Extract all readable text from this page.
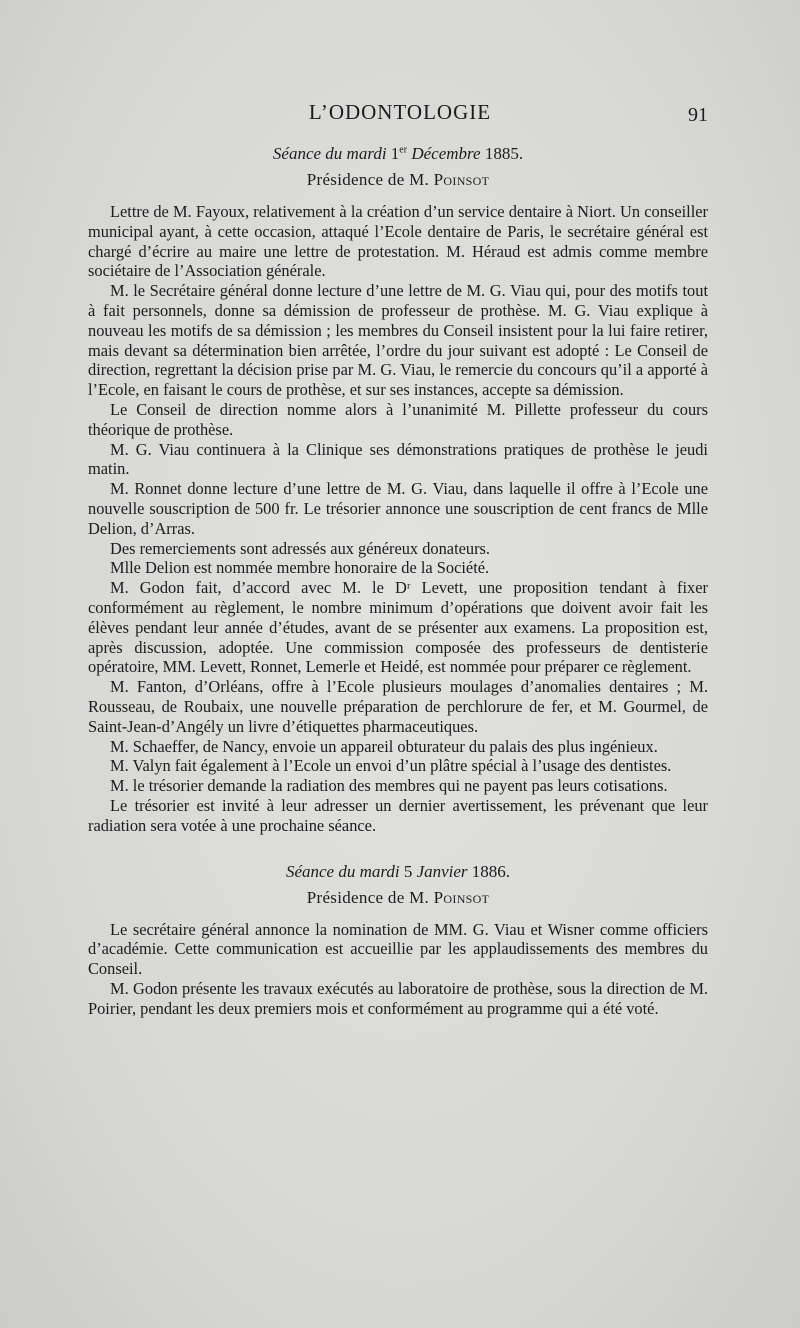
L’ODONTOLOGIE	91
Séance du mardi 1er Décembre 1885.
Présidence de M. Poinsot

Lettre de M. Fayoux, relativement à la création d’un service dentaire à Niort. Un conseiller municipal ayant, à cette occasion, attaqué l’Ecole dentaire de Paris, le secrétaire général est chargé d’écrire au maire une lettre de protestation. M. Héraud est admis comme membre sociétaire de l’Association générale.

M. le Secrétaire général donne lecture d’une lettre de M. G. Viau qui, pour des motifs tout à fait personnels, donne sa démission de professeur de prothèse. M. G. Viau explique à nouveau les motifs de sa démission ; les membres du Conseil insistent pour la lui faire retirer, mais devant sa détermination bien arrêtée, l’ordre du jour suivant est adopté : Le Conseil de direction, regrettant la décision prise par M. G. Viau, le remercie du concours qu’il a apporté à l’Ecole, en faisant le cours de prothèse, et sur ses instances, accepte sa démission.

Le Conseil de direction nomme alors à l’unanimité M. Pillette professeur du cours théorique de prothèse.

M. G. Viau continuera à la Clinique ses démonstrations pratiques de prothèse le jeudi matin.

M. Ronnet donne lecture d’une lettre de M. G. Viau, dans laquelle il offre à l’Ecole une nouvelle souscription de 500 fr. Le trésorier annonce une souscription de cent francs de Mlle Delion, d’Arras.

Des remerciements sont adressés aux généreux donateurs.

Mlle Delion est nommée membre honoraire de la Société.

M. Godon fait, d’accord avec M. le Dʳ Levett, une proposition tendant à fixer conformément au règlement, le nombre minimum d’opérations que doivent avoir fait les élèves pendant leur année d’études, avant de se présenter aux examens. La proposition est, après discussion, adoptée. Une commission composée des professeurs de dentisterie opératoire, MM. Levett, Ronnet, Lemerle et Heidé, est nommée pour préparer ce règlement.

M. Fanton, d’Orléans, offre à l’Ecole plusieurs moulages d’anomalies dentaires ; M. Rousseau, de Roubaix, une nouvelle préparation de perchlorure de fer, et M. Gourmel, de Saint-Jean-d’Angély un livre d’étiquettes pharmaceutiques.

M. Schaeffer, de Nancy, envoie un appareil obturateur du palais des plus ingénieux.

M. Valyn fait également à l’Ecole un envoi d’un plâtre spécial à l’usage des dentistes.

M. le trésorier demande la radiation des membres qui ne payent pas leurs cotisations.

Le trésorier est invité à leur adresser un dernier avertissement, les prévenant que leur radiation sera votée à une prochaine séance.

Séance du mardi 5 Janvier 1886.
Présidence de M. Poinsot

Le secrétaire général annonce la nomination de MM. G. Viau et Wisner comme officiers d’académie. Cette communication est accueillie par les applaudissements des membres du Conseil.

M. Godon présente les travaux exécutés au laboratoire de prothèse, sous la direction de M. Poirier, pendant les deux premiers mois et conformément au programme qui a été voté.
